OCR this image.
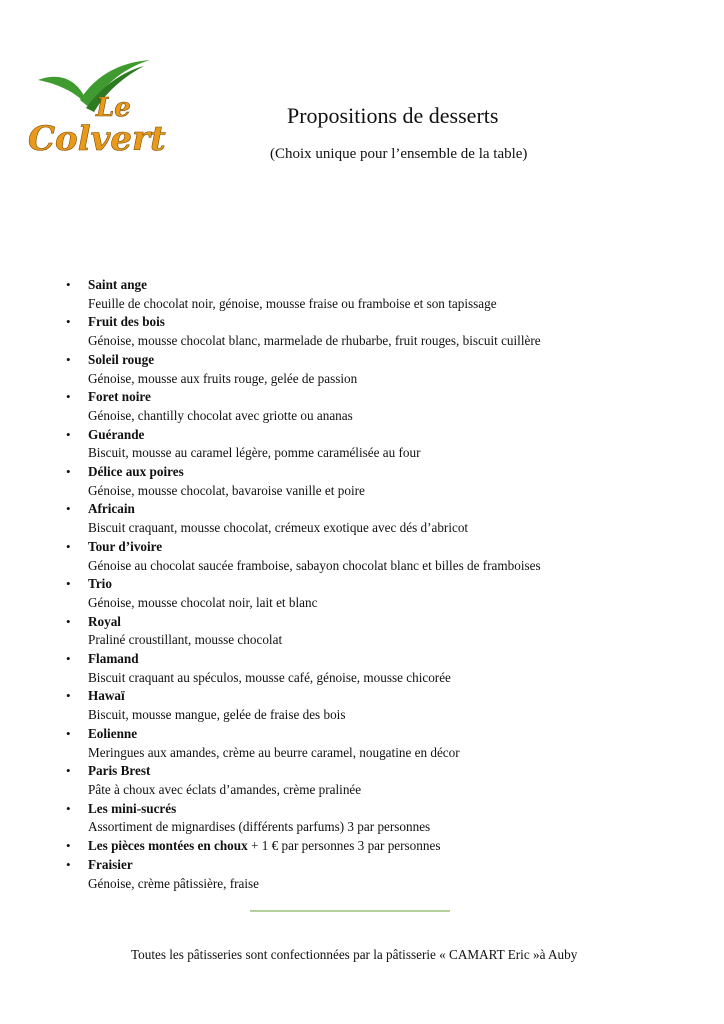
Le
Colvert
Propositions de desserts
(Choix unique pour l’ensemble de la table)
• Saint ange
Feuille de chocolat noir, génoise, mousse fraise ou framboise et son tapissage
• Fruit des bois
Génoise, mousse chocolat blanc, marmelade de rhubarbe, fruit rouges, biscuit cuillère
• Soleil rouge
Génoise, mousse aux fruits rouge, gelée de passion
• Foret noire
Génoise, chantilly chocolat avec griotte ou ananas
• Guérande
Biscuit, mousse au caramel légère, pomme caramélisée au four
• Délice aux poires
Génoise, mousse chocolat, bavaroise vanille et poire
• Africain
Biscuit craquant, mousse chocolat, crémeux exotique avec dés d’abricot
• Tour d’ivoire
Génoise au chocolat saucée framboise, sabayon chocolat blanc et billes de framboises
• Trio
Génoise, mousse chocolat noir, lait et blanc
• Royal
Praliné croustillant, mousse chocolat
• Flamand
Biscuit craquant au spéculos, mousse café, génoise, mousse chicorée
• Hawaï
Biscuit, mousse mangue, gelée de fraise des bois
• Eolienne
Meringues aux amandes, crème au beurre caramel, nougatine en décor
• Paris Brest
Pâte à choux avec éclats d’amandes, crème pralinée
• Les mini-sucrés
Assortiment de mignardises (différents parfums) 3 par personnes
• Les pièces montées en choux + 1 € par personnes 3 par personnes
• Fraisier
Génoise, crème pâtissière, fraise
Toutes les pâtisseries sont confectionnées par la pâtisserie « CAMART Eric »à Auby
